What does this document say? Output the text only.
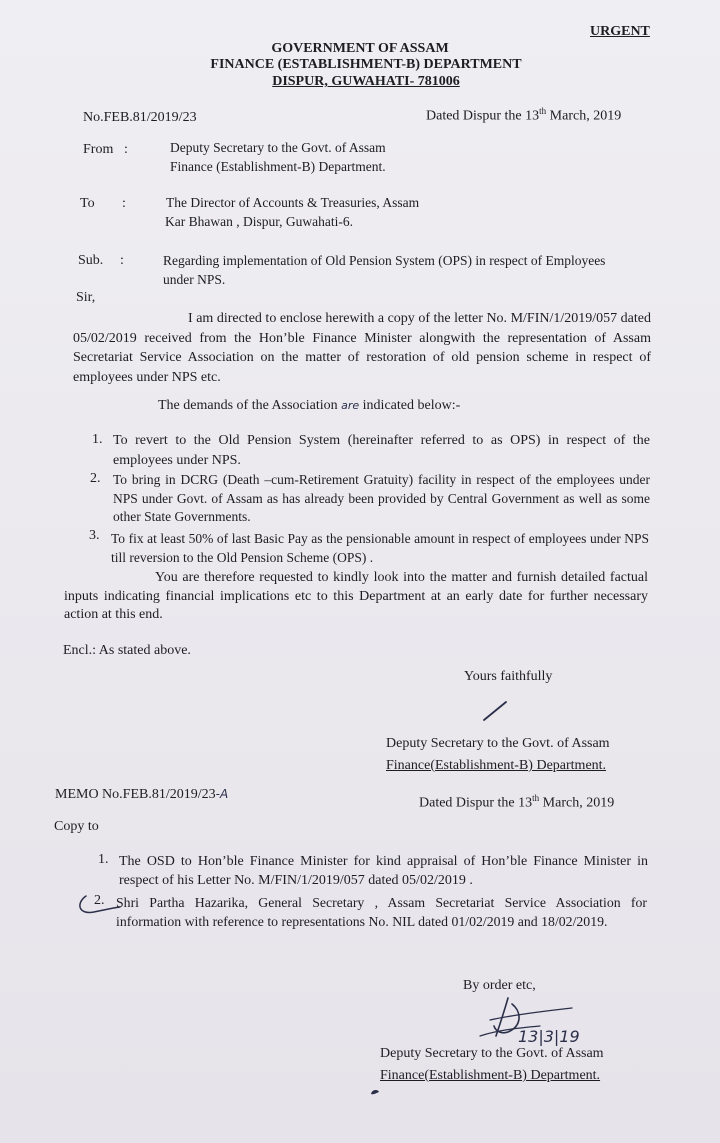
URGENT
GOVERNMENT OF ASSAM
FINANCE (ESTABLISHMENT-B) DEPARTMENT
DISPUR, GUWAHATI- 781006
No.FEB.81/2019/23	Dated Dispur the 13th March, 2019
From :	Deputy Secretary to the Govt. of Assam
Finance (Establishment-B) Department.
To :	The Director of Accounts & Treasuries, Assam
Kar Bhawan , Dispur, Guwahati-6.
Sub. :	Regarding implementation of Old Pension System (OPS) in respect of Employees
under NPS.
Sir,
I am directed to enclose herewith a copy of the letter No. M/FIN/1/2019/057 dated 05/02/2019 received from the Hon’ble Finance Minister alongwith the representation of Assam Secretariat Service Association on the matter of restoration of old pension scheme in respect of employees under NPS etc.
The demands of the Association are indicated below:-
1. To revert to the Old Pension System (hereinafter referred to as OPS) in respect of the employees under NPS.
2. To bring in DCRG (Death –cum-Retirement Gratuity) facility in respect of the employees under NPS under Govt. of Assam as has already been provided by Central Government as well as some other State Governments.
3. To fix at least 50% of last Basic Pay as the pensionable amount in respect of employees under NPS till reversion to the Old Pension Scheme (OPS) .
You are therefore requested to kindly look into the matter and furnish detailed factual inputs indicating financial implications etc to this Department at an early date for further necessary action at this end.
Encl.: As stated above.
Yours faithfully
Deputy Secretary to the Govt. of Assam
Finance(Establishment-B) Department.
MEMO No.FEB.81/2019/23-A
Dated Dispur the 13th March, 2019
Copy to
1. The OSD to Hon’ble Finance Minister for kind appraisal of Hon’ble Finance Minister in respect of his Letter No. M/FIN/1/2019/057 dated 05/02/2019 .
2. Shri Partha Hazarika, General Secretary , Assam Secretariat Service Association for information with reference to representations No. NIL dated 01/02/2019 and 18/02/2019.
By order etc,
13|3|19
Deputy Secretary to the Govt. of Assam
Finance(Establishment-B) Department.
